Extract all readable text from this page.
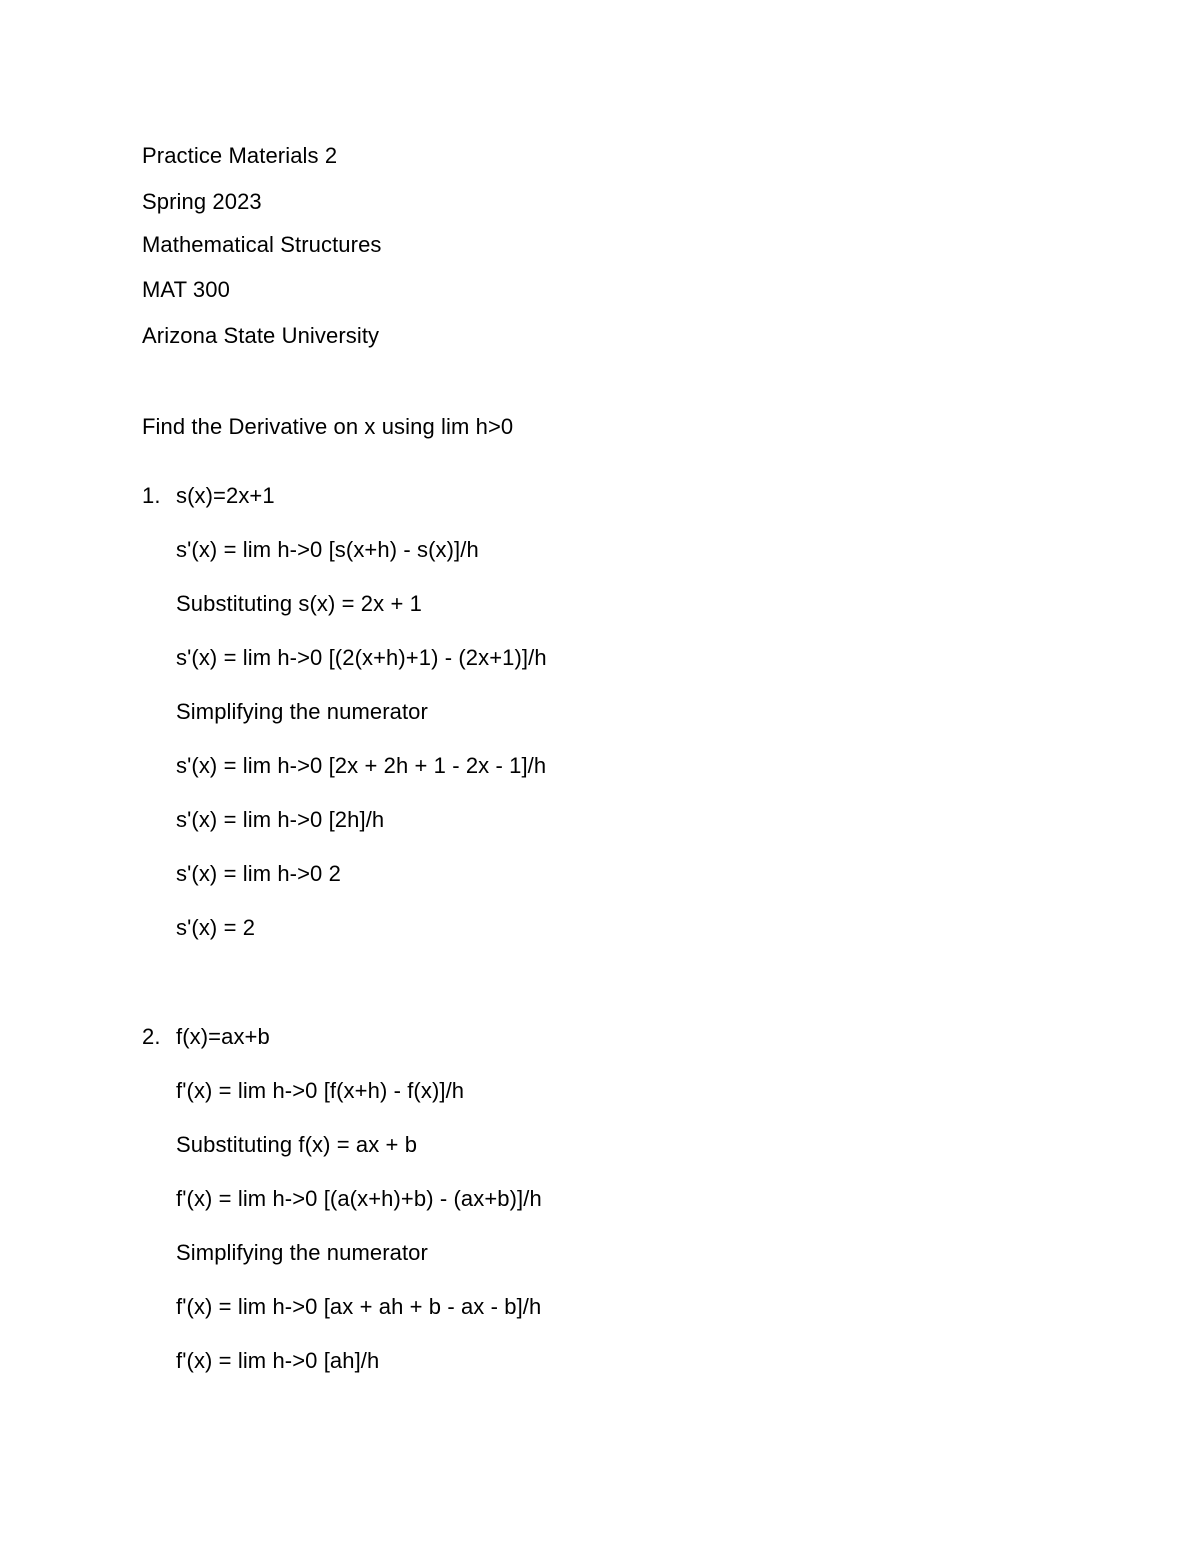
Practice Materials 2
Spring 2023
Mathematical Structures
MAT 300
Arizona State University
Find the Derivative on x using lim h>0
1. s(x)=2x+1
s'(x) = lim h->0 [s(x+h) - s(x)]/h
Substituting s(x) = 2x + 1
s'(x) = lim h->0 [(2(x+h)+1) - (2x+1)]/h
Simplifying the numerator
s'(x) = lim h->0 [2x + 2h + 1 - 2x - 1]/h
s'(x) = lim h->0 [2h]/h
s'(x) = lim h->0 2
s'(x) = 2
2. f(x)=ax+b
f'(x) = lim h->0 [f(x+h) - f(x)]/h
Substituting f(x) = ax + b
f'(x) = lim h->0 [(a(x+h)+b) - (ax+b)]/h
Simplifying the numerator
f'(x) = lim h->0 [ax + ah + b - ax - b]/h
f'(x) = lim h->0 [ah]/h
